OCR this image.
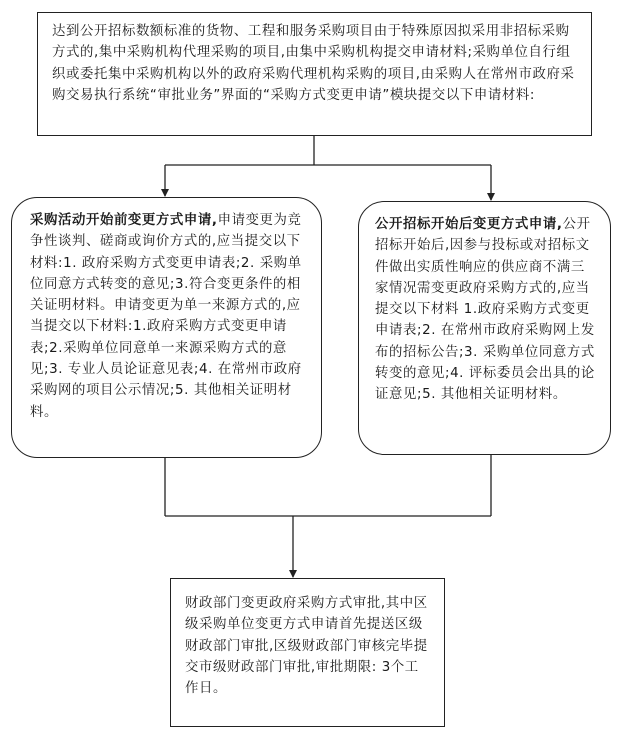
达到公开招标数额标准的货物、工程和服务采购项目由于特殊原因拟采用非招标采购方式的,集中采购机构代理采购的项目,由集中采购机构提交申请材料;采购单位自行组织或委托集中采购机构以外的政府采购代理机构采购的项目,由采购人在常州市政府采购交易执行系统“审批业务”界面的“采购方式变更申请”模块提交以下申请材料:
采购活动开始前变更方式申请,申请变更为竞争性谈判、磋商或询价方式的,应当提交以下材料:1. 政府采购方式变更申请表;2. 采购单位同意方式转变的意见;3.符合变更条件的相关证明材料。申请变更为单一来源方式的,应当提交以下材料:1.政府采购方式变更申请表;2.采购单位同意单一来源采购方式的意见;3. 专业人员论证意见表;4. 在常州市政府采购网的项目公示情况;5. 其他相关证明材料。
公开招标开始后变更方式申请,公开招标开始后,因参与投标或对招标文件做出实质性响应的供应商不满三家情况需变更政府采购方式的,应当提交以下材料 1.政府采购方式变更申请表;2. 在常州市政府采购网上发布的招标公告;3. 采购单位同意方式转变的意见;4. 评标委员会出具的论证意见;5. 其他相关证明材料。
财政部门变更政府采购方式审批,其中区级采购单位变更方式申请首先提送区级财政部门审批,区级财政部门审核完毕提交市级财政部门审批,审批期限: 3个工作日。
